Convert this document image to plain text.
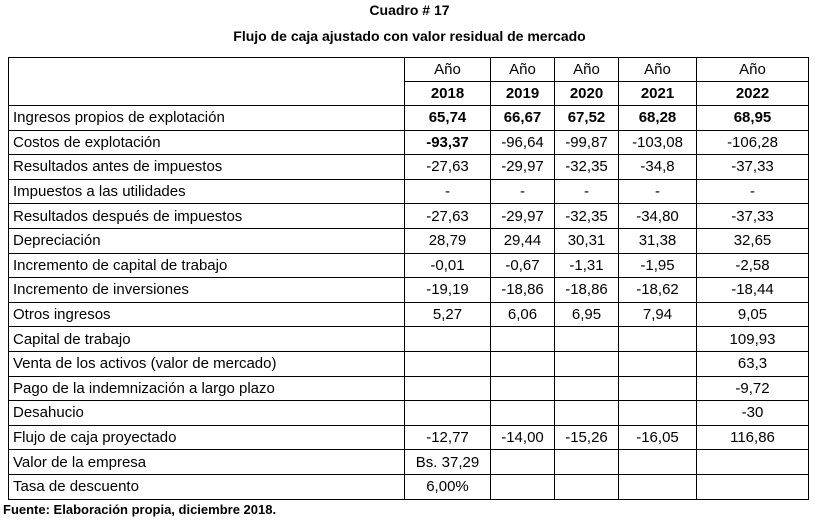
Cuadro # 17
Flujo de caja ajustado con valor residual de mercado
	Año	Año	Año	Año	Año
	2018	2019	2020	2021	2022
Ingresos propios de explotación	65,74	66,67	67,52	68,28	68,95
Costos de explotación	-93,37	-96,64	-99,87	-103,08	-106,28
Resultados antes de impuestos	-27,63	-29,97	-32,35	-34,8	-37,33
Impuestos a las utilidades	-	-	-	-	-
Resultados después de impuestos	-27,63	-29,97	-32,35	-34,80	-37,33
Depreciación	28,79	29,44	30,31	31,38	32,65
Incremento de capital de trabajo	-0,01	-0,67	-1,31	-1,95	-2,58
Incremento de inversiones	-19,19	-18,86	-18,86	-18,62	-18,44
Otros ingresos	5,27	6,06	6,95	7,94	9,05
Capital de trabajo					109,93
Venta de los activos (valor de mercado)					63,3
Pago de la indemnización a largo plazo					-9,72
Desahucio					-30
Flujo de caja proyectado	-12,77	-14,00	-15,26	-16,05	116,86
Valor de la empresa	Bs. 37,29				
Tasa de descuento	6,00%				
Fuente: Elaboración propia, diciembre 2018.
